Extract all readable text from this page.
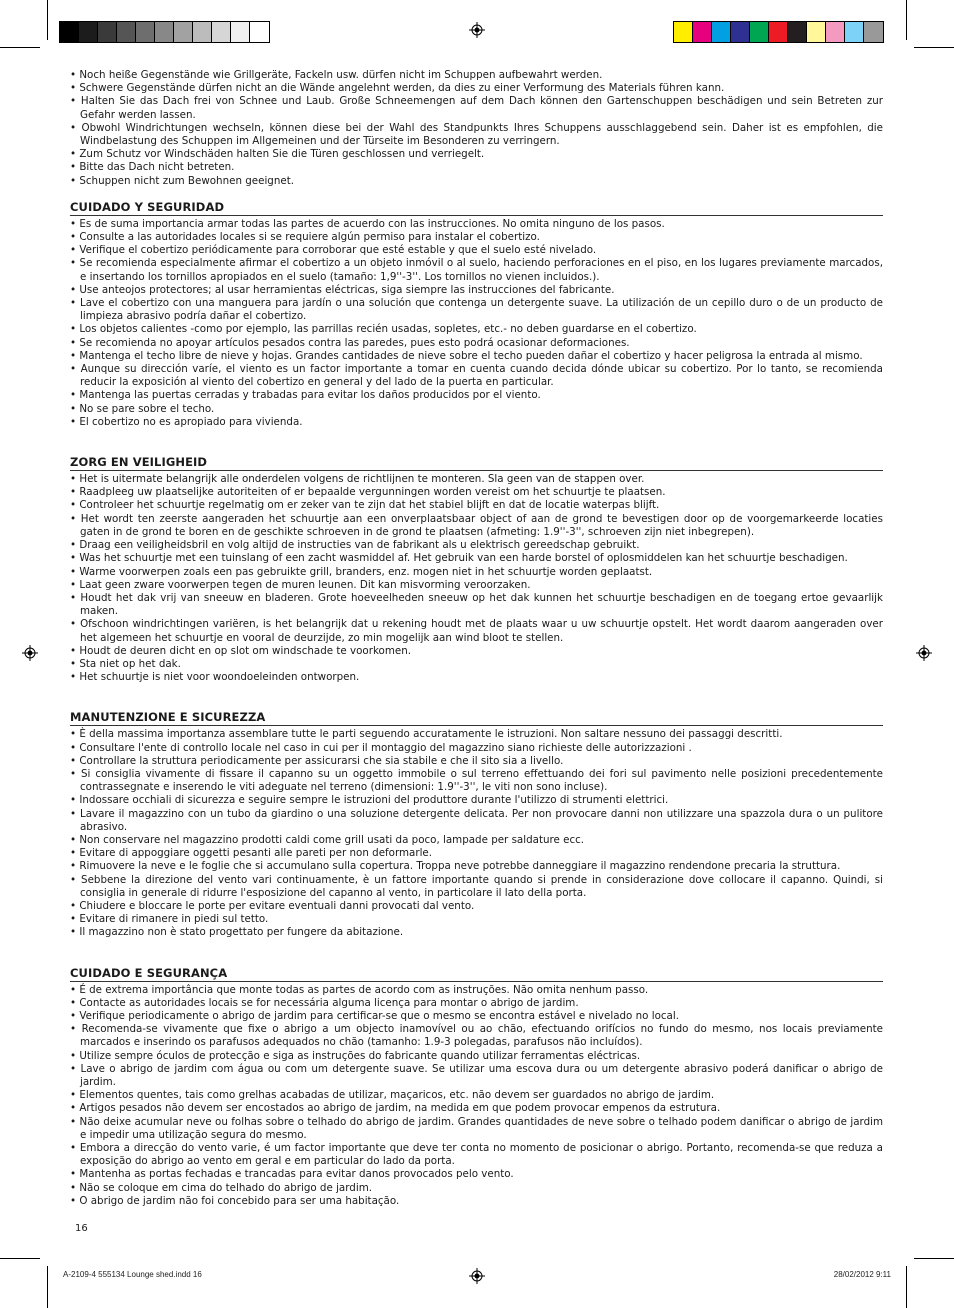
• Noch heiße Gegenstände wie Grillgeräte, Fackeln usw. dürfen nicht im Schuppen aufbewahrt werden.
• Schwere Gegenstände dürfen nicht an die Wände angelehnt werden, da dies zu einer Verformung des Materials führen kann.
• Halten Sie das Dach frei von Schnee und Laub. Große Schneemengen auf dem Dach können den Gartenschuppen beschädigen und sein Betreten zur Gefahr werden lassen.
• Obwohl Windrichtungen wechseln, können diese bei der Wahl des Standpunkts Ihres Schuppens ausschlaggebend sein. Daher ist es empfohlen, die Windbelastung des Schuppen im Allgemeinen und der Türseite im Besonderen zu verringern.
• Zum Schutz vor Windschäden halten Sie die Türen geschlossen und verriegelt.
• Bitte das Dach nicht betreten.
• Schuppen nicht zum Bewohnen geeignet.
CUIDADO Y SEGURIDAD
• Es de suma importancia armar todas las partes de acuerdo con las instrucciones. No omita ninguno de los pasos.
• Consulte a las autoridades locales si se requiere algún permiso para instalar el cobertizo.
• Verifique el cobertizo periódicamente para corroborar que esté estable y que el suelo esté nivelado.
• Se recomienda especialmente afirmar el cobertizo a un objeto inmóvil o al suelo, haciendo perforaciones en el piso, en los lugares previamente marcados, e insertando los tornillos apropiados en el suelo (tamaño: 1,9''-3''. Los tornillos no vienen incluidos.).
• Use anteojos protectores; al usar herramientas eléctricas, siga siempre las instrucciones del fabricante.
• Lave el cobertizo con una manguera para jardín o una solución que contenga un detergente suave. La utilización de un cepillo duro o de un producto de limpieza abrasivo podría dañar el cobertizo.
• Los objetos calientes -como por ejemplo, las parrillas recién usadas, sopletes, etc.- no deben guardarse en el cobertizo.
• Se recomienda no apoyar artículos pesados contra las paredes, pues esto podrá ocasionar deformaciones.
• Mantenga el techo libre de nieve y hojas. Grandes cantidades de nieve sobre el techo pueden dañar el cobertizo y hacer peligrosa la entrada al mismo.
• Aunque su dirección varíe, el viento es un factor importante a tomar en cuenta cuando decida dónde ubicar su cobertizo. Por lo tanto, se recomienda reducir la exposición al viento del cobertizo en general y del lado de la puerta en particular.
• Mantenga las puertas cerradas y trabadas para evitar los daños producidos por el viento.
• No se pare sobre el techo.
• El cobertizo no es apropiado para vivienda.
ZORG EN VEILIGHEID
• Het is uitermate belangrijk alle onderdelen volgens de richtlijnen te monteren. Sla geen van de stappen over.
• Raadpleeg uw plaatselijke autoriteiten of er bepaalde vergunningen worden vereist om het schuurtje te plaatsen.
• Controleer het schuurtje regelmatig om er zeker van te zijn dat het stabiel blijft en dat de locatie waterpas blijft.
• Het wordt ten zeerste aangeraden het schuurtje aan een onverplaatsbaar object of aan de grond te bevestigen door op de voorgemarkeerde locaties gaten in de grond te boren en de geschikte schroeven in de grond te plaatsen (afmeting: 1.9''-3'', schroeven zijn niet inbegrepen).
• Draag een veiligheidsbril en volg altijd de instructies van de fabrikant als u elektrisch gereedschap gebruikt.
• Was het schuurtje met een tuinslang of een zacht wasmiddel af. Het gebruik van een harde borstel of oplosmiddelen kan het schuurtje beschadigen.
• Warme voorwerpen zoals een pas gebruikte grill, branders, enz. mogen niet in het schuurtje worden geplaatst.
• Laat geen zware voorwerpen tegen de muren leunen. Dit kan misvorming veroorzaken.
• Houdt het dak vrij van sneeuw en bladeren. Grote hoeveelheden sneeuw op het dak kunnen het schuurtje beschadigen en de toegang ertoe gevaarlijk maken.
• Ofschoon windrichtingen variëren, is het belangrijk dat u rekening houdt met de plaats waar u uw schuurtje opstelt. Het wordt daarom aangeraden over het algemeen het schuurtje en vooral de deurzijde, zo min mogelijk aan wind bloot te stellen.
• Houdt de deuren dicht en op slot om windschade te voorkomen.
• Sta niet op het dak.
• Het schuurtje is niet voor woondoeleinden ontworpen.
MANUTENZIONE E SICUREZZA
• È della massima importanza assemblare tutte le parti seguendo accuratamente le istruzioni. Non saltare nessuno dei passaggi descritti.
• Consultare l'ente di controllo locale nel caso in cui per il montaggio del magazzino siano richieste delle autorizzazioni .
• Controllare la struttura periodicamente per assicurarsi che sia stabile e che il sito sia a livello.
• Si consiglia vivamente di fissare il capanno su un oggetto immobile o sul terreno effettuando dei fori sul pavimento nelle posizioni precedentemente contrassegnate e inserendo le viti adeguate nel terreno (dimensioni: 1.9''-3'', le viti non sono incluse).
• Indossare occhiali di sicurezza e seguire sempre le istruzioni del produttore durante l'utilizzo di strumenti elettrici.
• Lavare il magazzino con un tubo da giardino o una soluzione detergente delicata. Per non provocare danni non utilizzare una spazzola dura o un pulitore abrasivo.
• Non conservare nel magazzino prodotti caldi come grill usati da poco, lampade per saldature ecc.
• Evitare di appoggiare oggetti pesanti alle pareti per non deformarle.
• Rimuovere la neve e le foglie che si accumulano sulla copertura. Troppa neve potrebbe danneggiare il magazzino rendendone precaria la struttura.
• Sebbene la direzione del vento vari continuamente, è un fattore importante quando si prende in considerazione dove collocare il capanno. Quindi, si consiglia in generale di ridurre l'esposizione del capanno al vento, in particolare il lato della porta.
• Chiudere e bloccare le porte per evitare eventuali danni provocati dal vento.
• Evitare di rimanere in piedi sul tetto.
• Il magazzino non è stato progettato per fungere da abitazione.
CUIDADO E SEGURANÇA
• É de extrema importância que monte todas as partes de acordo com as instruções. Não omita nenhum passo.
• Contacte as autoridades locais se for necessária alguma licença para montar o abrigo de jardim.
• Verifique periodicamente o abrigo de jardim para certificar-se que o mesmo se encontra estável e nivelado no local.
• Recomenda-se vivamente que fixe o abrigo a um objecto inamovível ou ao chão, efectuando orifícios no fundo do mesmo, nos locais previamente marcados e inserindo os parafusos adequados no chão (tamanho: 1.9-3 polegadas, parafusos não incluídos).
• Utilize sempre óculos de protecção e siga as instruções do fabricante quando utilizar ferramentas eléctricas.
• Lave o abrigo de jardim com água ou com um detergente suave. Se utilizar uma escova dura ou um detergente abrasivo poderá danificar o abrigo de jardim.
• Elementos quentes, tais como grelhas acabadas de utilizar, maçaricos, etc. não devem ser guardados no abrigo de jardim.
• Artigos pesados não devem ser encostados ao abrigo de jardim, na medida em que podem provocar empenos da estrutura.
• Não deixe acumular neve ou folhas sobre o telhado do abrigo de jardim. Grandes quantidades de neve sobre o telhado podem danificar o abrigo de jardim e impedir uma utilização segura do mesmo.
• Embora a direcção do vento varie, é um factor importante que deve ter conta no momento de posicionar o abrigo. Portanto, recomenda-se que reduza a exposição do abrigo ao vento em geral e em particular do lado da porta.
• Mantenha as portas fechadas e trancadas para evitar danos provocados pelo vento.
• Não se coloque em cima do telhado do abrigo de jardim.
• O abrigo de jardim não foi concebido para ser uma habitação.
16
A-2109-4 555134 Lounge shed.indd 16	28/02/2012 9:11
